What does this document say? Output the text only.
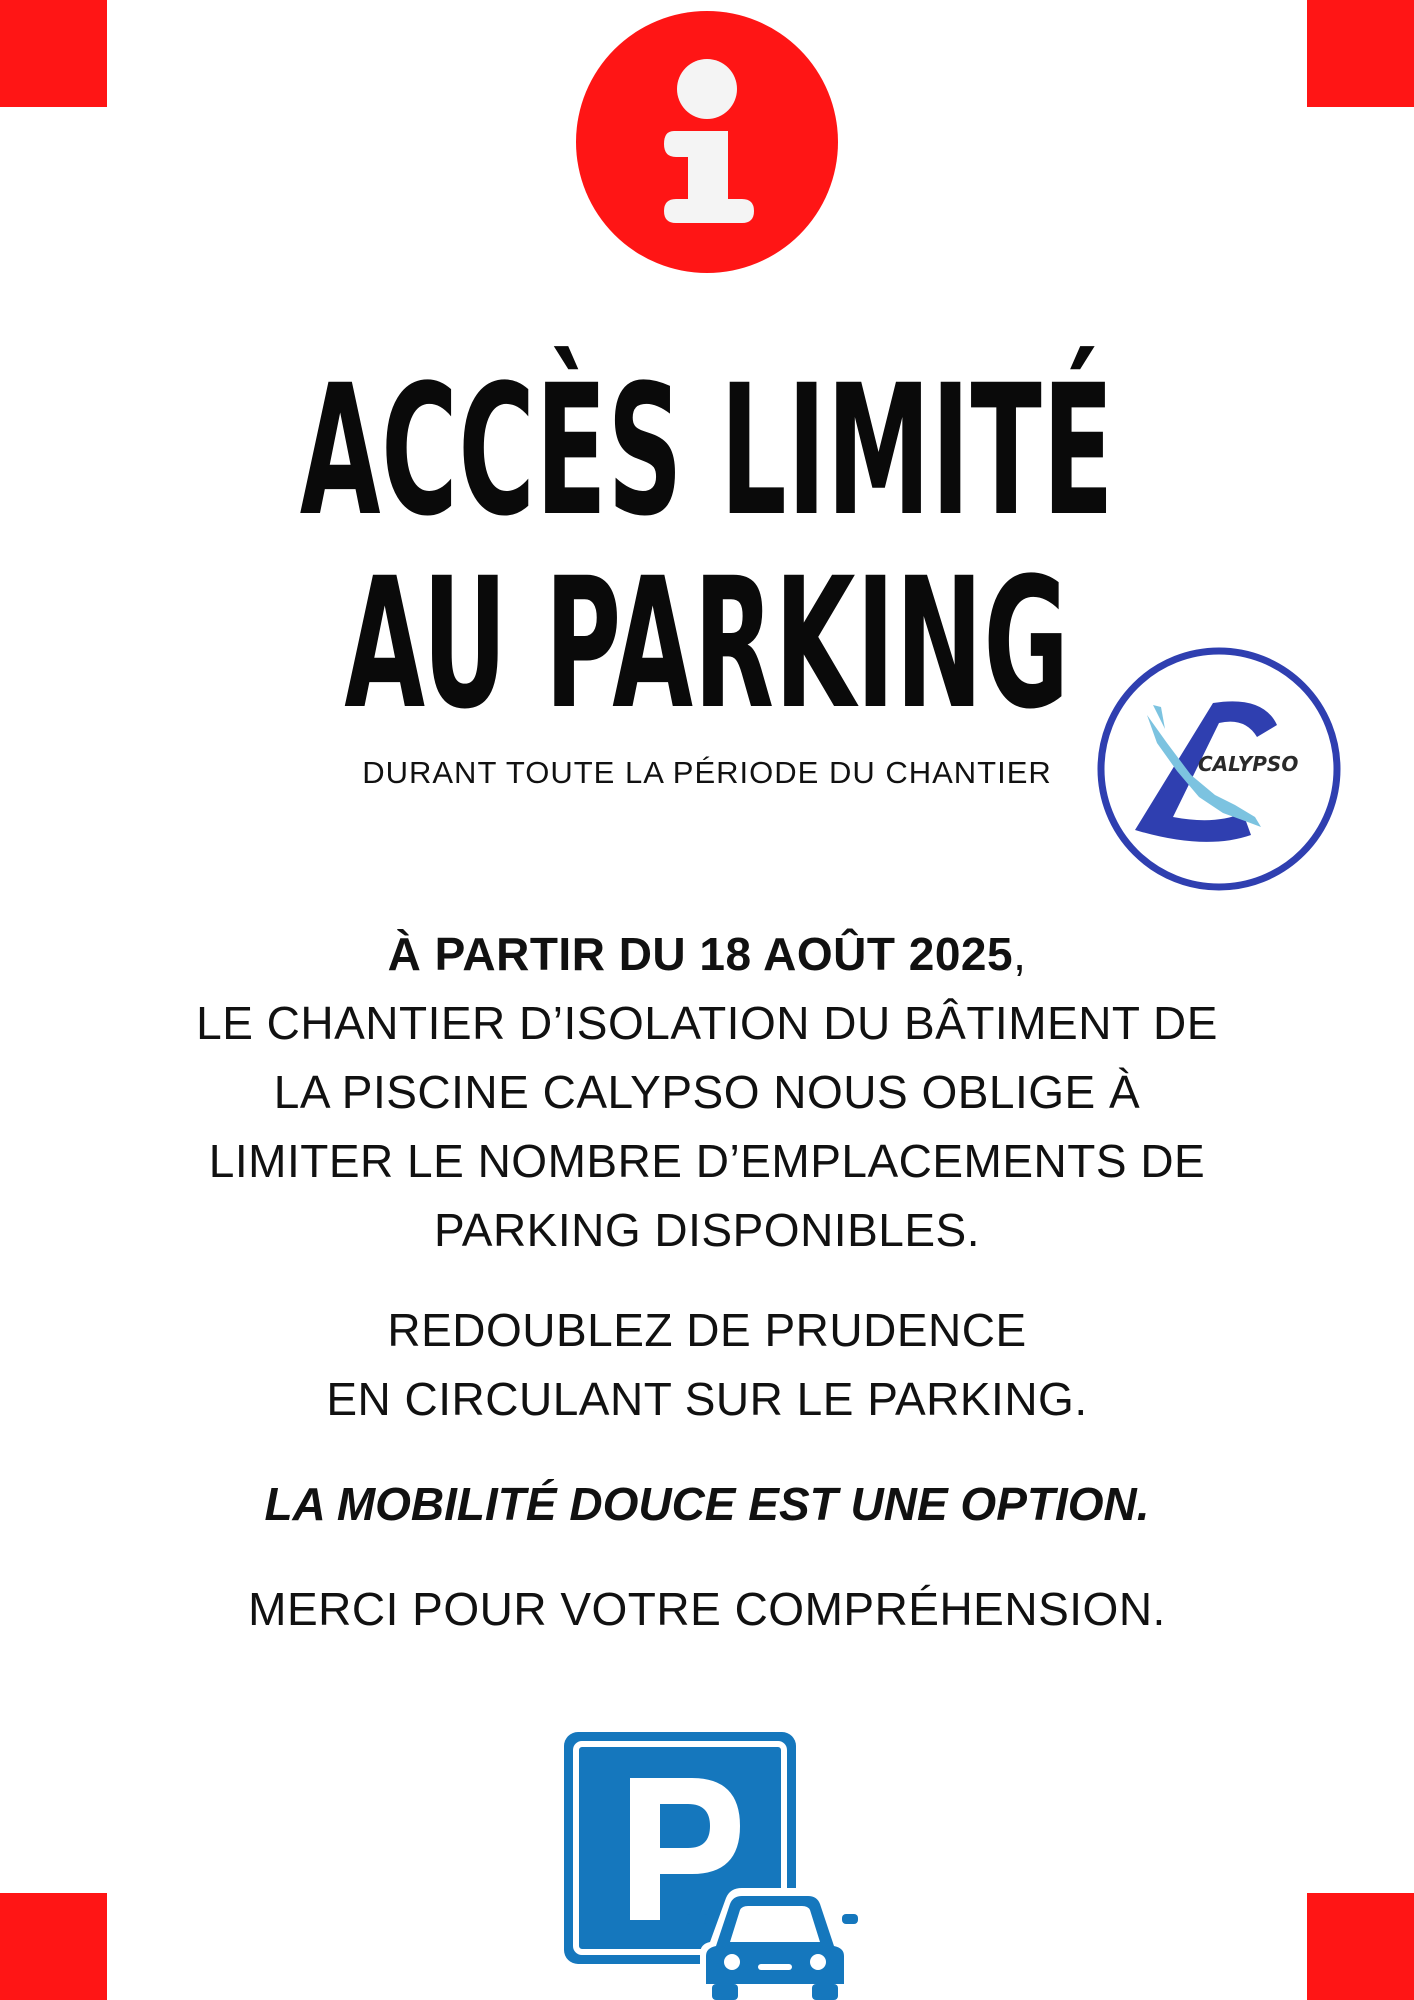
ACCÈS LIMITÉ
AU PARKING
DURANT TOUTE LA PÉRIODE DU CHANTIER	CALYPSO
À PARTIR DU 18 AOÛT 2025,
LE CHANTIER D’ISOLATION DU BÂTIMENT DE
LA PISCINE CALYPSO NOUS OBLIGE À
LIMITER LE NOMBRE D’EMPLACEMENTS DE
PARKING DISPONIBLES.
REDOUBLEZ DE PRUDENCE
EN CIRCULANT SUR LE PARKING.
LA MOBILITÉ DOUCE EST UNE OPTION.
MERCI POUR VOTRE COMPRÉHENSION.
